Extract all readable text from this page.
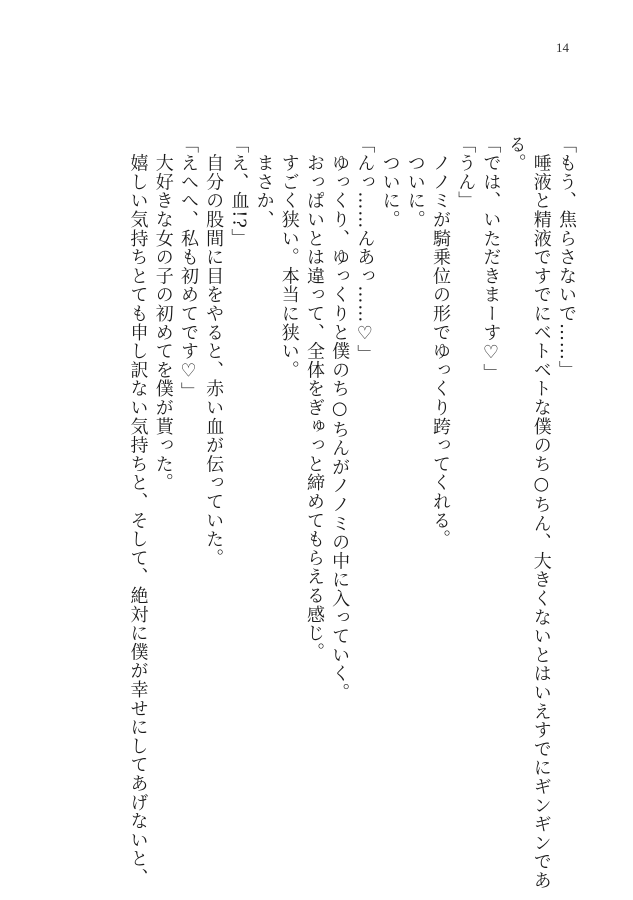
14

「もう、焦らさないで……」

　唾液と精液ですでにベトベトな僕のち○ちん、大きくないとはいえすでにギンギンであ

る。

「では、いただきまーす♡」

「うん」

　ノノミが騎乗位の形でゆっくり跨ってくれる。

　ついに。

　ついに。

「んっ……んあっ……♡」

　ゆっくり、ゆっくりと僕のち○ちんがノノミの中に入っていく。

　おっぱいとは違って、全体をぎゅっと締めてもらえる感じ。

　すごく狭い。本当に狭い。

　まさか、

「え、血!?」

　自分の股間に目をやると、赤い血が伝っていた。

「えへへ、私も初めてです♡」

　大好きな女の子の初めてを僕が貰った。

　嬉しい気持ちとても申し訳ない気持ちと、そして、絶対に僕が幸せにしてあげないと、
